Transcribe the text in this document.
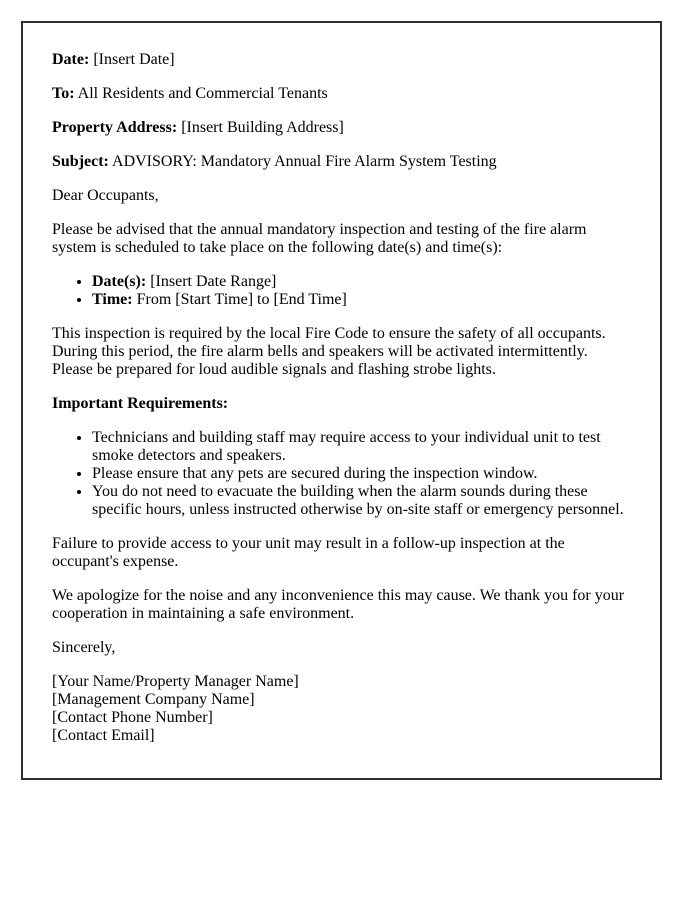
Date: [Insert Date]

To: All Residents and Commercial Tenants

Property Address: [Insert Building Address]

Subject: ADVISORY: Mandatory Annual Fire Alarm System Testing

Dear Occupants,

Please be advised that the annual mandatory inspection and testing of the fire alarm system is scheduled to take place on the following date(s) and time(s):

• Date(s): [Insert Date Range]
• Time: From [Start Time] to [End Time]

This inspection is required by the local Fire Code to ensure the safety of all occupants. During this period, the fire alarm bells and speakers will be activated intermittently. Please be prepared for loud audible signals and flashing strobe lights.

Important Requirements:

• Technicians and building staff may require access to your individual unit to test smoke detectors and speakers.
• Please ensure that any pets are secured during the inspection window.
• You do not need to evacuate the building when the alarm sounds during these specific hours, unless instructed otherwise by on-site staff or emergency personnel.

Failure to provide access to your unit may result in a follow-up inspection at the occupant's expense.

We apologize for the noise and any inconvenience this may cause. We thank you for your cooperation in maintaining a safe environment.

Sincerely,

[Your Name/Property Manager Name]
[Management Company Name]
[Contact Phone Number]
[Contact Email]
